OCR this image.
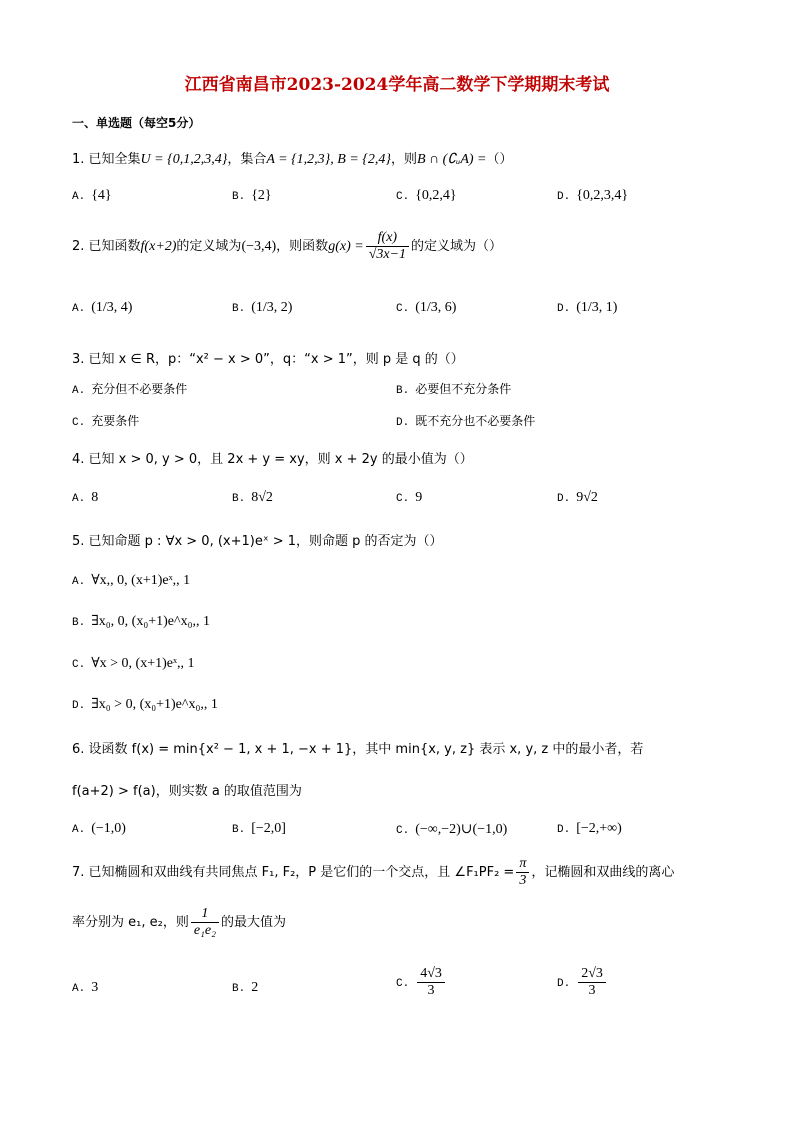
江西省南昌市2023-2024学年高二数学下学期期末考试
一、单选题（每空5分）
1. 已知全集U = {0,1,2,3,4}，集合A = {1,2,3}, B = {2,4}，则B ∩ (∁ᵤA) =（）
A. {4}	B. {2}	C. {0,2,4}	D. {0,2,3,4}
2. 已知函数f(x+2)的定义域为(−3,4)，则函数$g(x) = \frac{f(x)}{√3x-1}$ 的定义域为（）
A. (1/3, 4)	B. (1/3, 2)	C. (1/3, 6)	D. (1/3, 1)
3. 已知 x ∈ R，p：“x² − x > 0”，q：“x > 1”，则 p 是 q 的（）
A. 充分但不必要条件	B. 必要但不充分条件
C. 充要条件	D. 既不充分也不必要条件
4. 已知 x > 0, y > 0，且 2x + y = xy，则 x + 2y 的最小值为（）
A. 8	B. 8√2	C. 9	D. 9√2
5. 已知命题 p : ∀x > 0, (x+1)eˣ > 1，则命题 p 的否定为（）
A. ∀x,, 0, (x+1)eˣ,, 1
B. ∃x₀, 0, (x₀+1)e^x₀,, 1
C. ∀x > 0, (x+1)eˣ,, 1
D. ∃x₀ > 0, (x₀+1)e^x₀,, 1
6. 设函数 f(x) = min{x² − 1, x + 1, −x + 1}，其中 min{x, y, z} 表示 x, y, z 中的最小者，若
f(a+2) > f(a)，则实数 a 的取值范围为
A. (−1,0)	B. [−2,0]	C. (−∞,−2)∪(−1,0)	D. [−2,+∞)
7. 已知椭圆和双曲线有共同焦点 F₁, F₂，P 是它们的一个交点，且 ∠F₁PF₂ = $\frac{\pi}{3}$ ，记椭圆和双曲线的离心
率分别为 e₁, e₂，则 $\frac{1}{\text{e₁e₂}}$ 的最大值为
A. 3	B. 2	C. $\frac{4√3}{3}$	D. $\frac{2√3}{3}$
